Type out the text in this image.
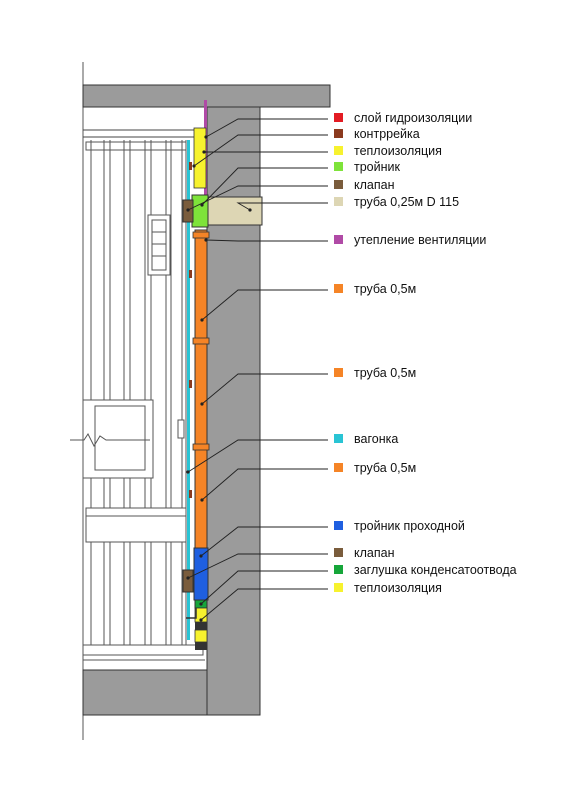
слой гидроизоляции
контррейка
теплоизоляция
тройник
клапан
труба 0,25м D 115
утепление вентиляции
труба 0,5м
труба 0,5м
вагонка
труба 0,5м
тройник проходной
клапан
заглушка конденсатоотвода
теплоизоляция
